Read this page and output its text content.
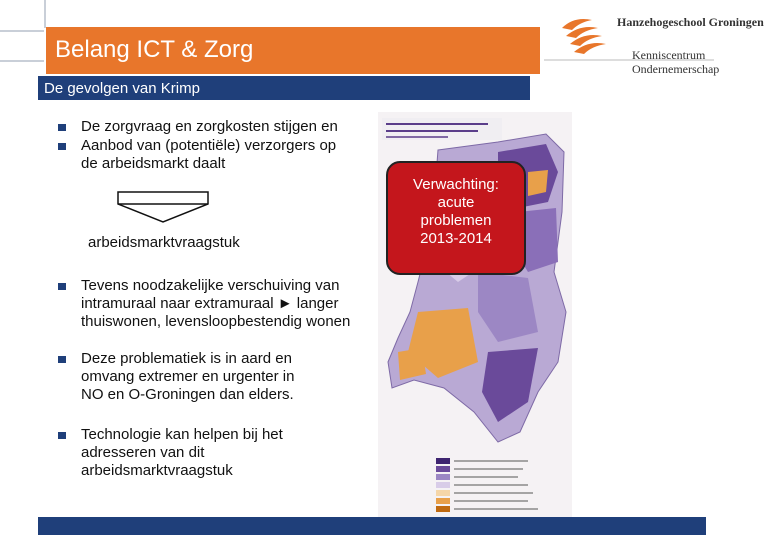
Belang ICT & Zorg
De gevolgen van Krimp
Hanzehogeschool Groningen
Kenniscentrum
Ondernemerschap
De zorgvraag en zorgkosten stijgen en
Aanbod van (potentiële) verzorgers op
de arbeidsmarkt daalt
arbeidsmarktvraagstuk
Tevens noodzakelijke verschuiving van
intramuraal naar extramuraal ► langer
thuiswonen, levensloopbestendig wonen
Deze problematiek is in aard en
omvang extremer en urgenter in
NO en O-Groningen dan elders.
Technologie kan helpen bij het
adresseren van dit
arbeidsmarktvraagstuk
Verwachting:
acute
problemen
2013-2014
